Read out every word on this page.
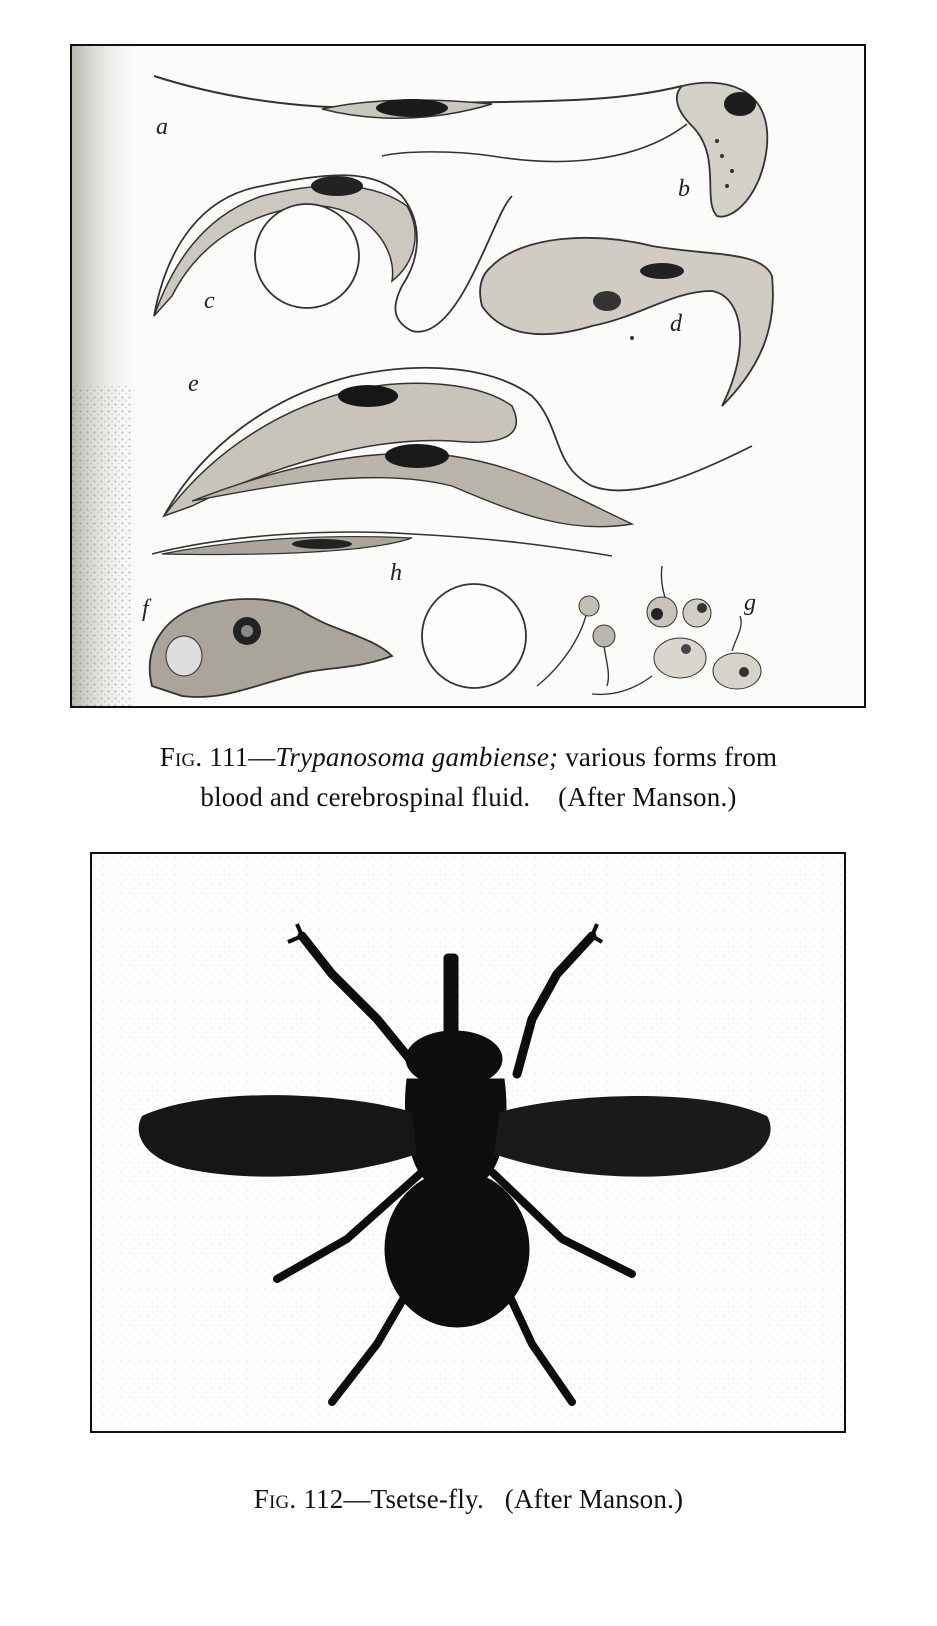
a
b
c
d
e
f	g
h
Fig. 111—Trypanosoma gambiense; various forms from
blood and cerebrospinal fluid. (After Manson.)
Fig. 112—Tsetse-fly. (After Manson.)
